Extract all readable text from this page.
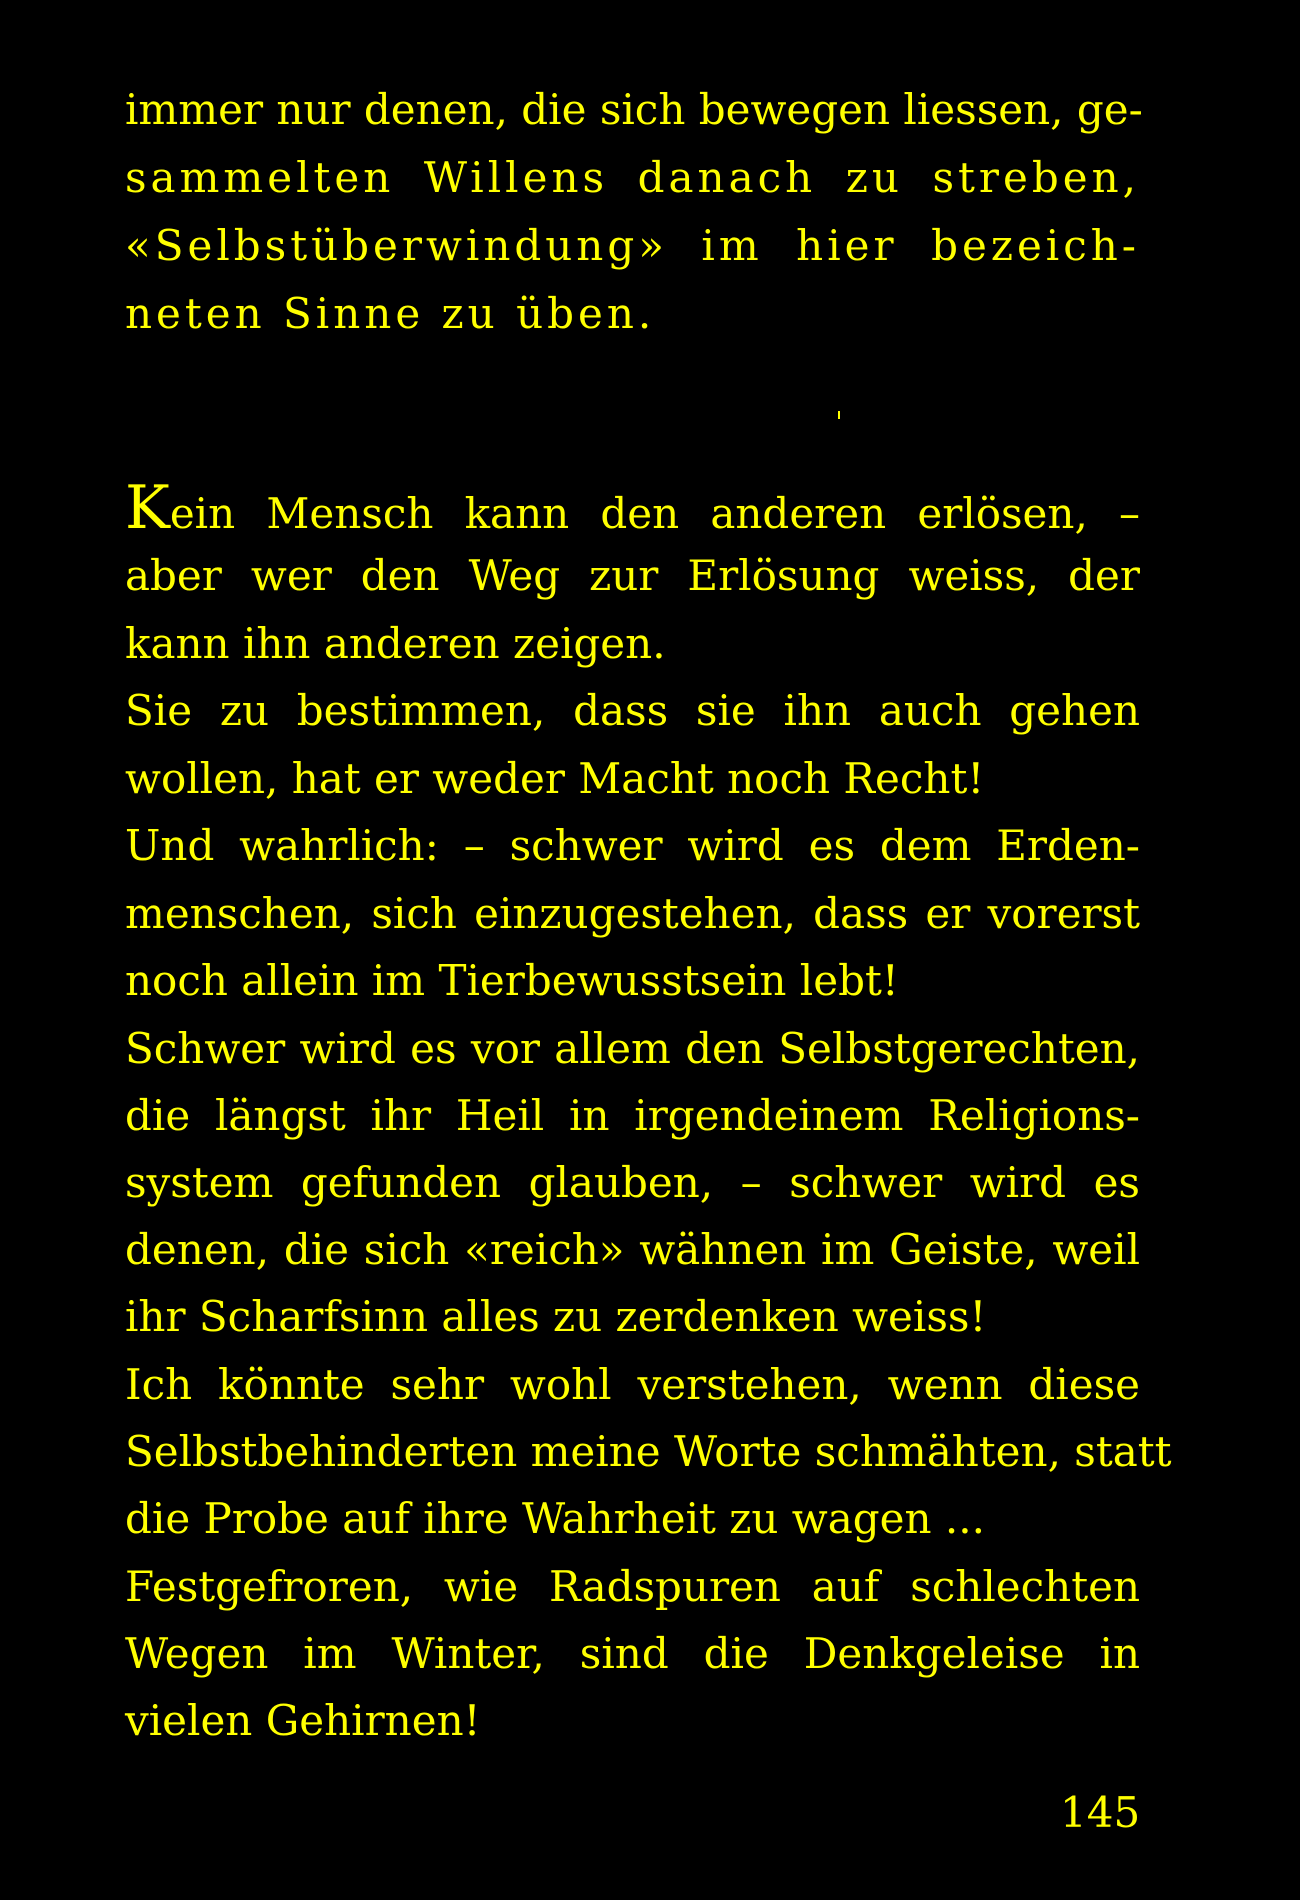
immer nur denen, die sich bewegen liessen, ge-
sammelten Willens danach zu streben,
«Selbstüberwindung» im hier bezeich-
neten Sinne zu üben.
Kein Mensch kann den anderen erlösen, –
aber wer den Weg zur Erlösung weiss, der
kann ihn anderen zeigen.
Sie zu bestimmen, dass sie ihn auch gehen
wollen, hat er weder Macht noch Recht!
Und wahrlich: – schwer wird es dem Erden-
menschen, sich einzugestehen, dass er vorerst
noch allein im Tierbewusstsein lebt!
Schwer wird es vor allem den Selbstgerechten,
die längst ihr Heil in irgendeinem Religions-
system gefunden glauben, – schwer wird es
denen, die sich «reich» wähnen im Geiste, weil
ihr Scharfsinn alles zu zerdenken weiss!
Ich könnte sehr wohl verstehen, wenn diese
Selbstbehinderten meine Worte schmähten, statt
die Probe auf ihre Wahrheit zu wagen ...
Festgefroren, wie Radspuren auf schlechten
Wegen im Winter, sind die Denkgeleise in
vielen Gehirnen!
145
